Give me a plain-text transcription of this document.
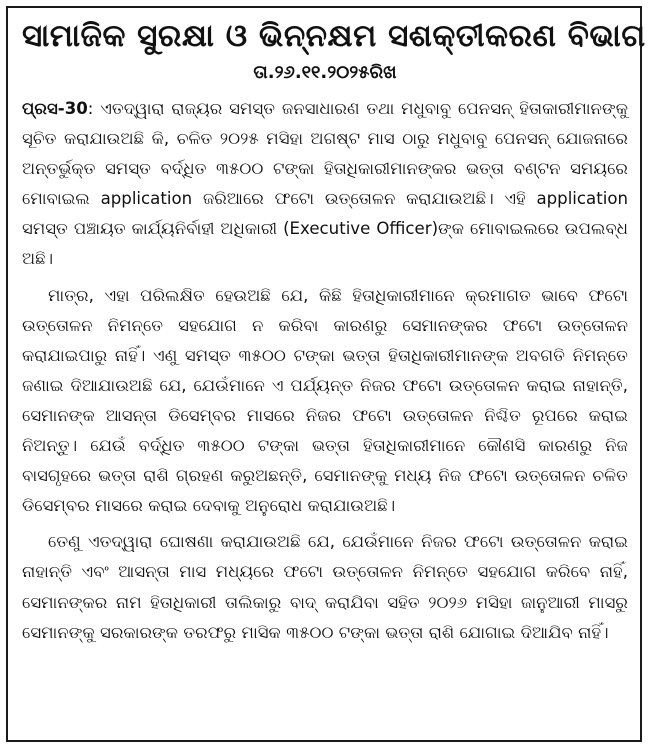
ସାମାଜିକ ସୁରକ୍ଷା ଓ ଭିନ୍ନକ୍ଷମ ସଶକ୍ତୀକରଣ ବିଭାଗ
ତା.୨୬.୧୧.୨୦୨୫ରିଖ

ପ୍ରସ-30: ଏତଦ୍ୱାରା ରାଜ୍ୟର ସମସ୍ତ ଜନସାଧାରଣ ତଥା ମଧୁବାବୁ ପେନସନ୍ ହିତାକାରୀମାନଙ୍କୁ ସୂଚିତ କରାଯାଉଅଛି କି, ଚଳିତ ୨୦୨୫ ମସିହା ଅଗଷ୍ଟ ମାସ ଠାରୁ ମଧୁବାବୁ ପେନସନ୍ ଯୋଜନାରେ ଅନ୍ତର୍ଭୁକ୍ତ ସମସ୍ତ ବର୍ଦ୍ଧିତ ୩୫୦୦ ଟଙ୍କା ହିତାଧିକାରୀମାନଙ୍କର ଭତ୍ତା ବଣ୍ଟନ ସମୟରେ ମୋବାଇଲ application ଜରିଆରେ ଫଟୋ ଉତ୍ତୋଳନ କରାଯାଉଅଛି। ଏହି application ସମସ୍ତ ପଞ୍ଚାୟତ କାର୍ଯ୍ୟନିର୍ବାହୀ ଅଧିକାରୀ (Executive Officer)ଙ୍କ ମୋବାଇଲରେ ଉପଲବ୍ଧ ଅଛି।

ମାତ୍ର, ଏହା ପରିଲକ୍ଷିତ ହେଉଅଛି ଯେ, କିଛି ହିତାଧିକାରୀମାନେ କ୍ରମାଗତ ଭାବେ ଫଟୋ ଉତ୍ତୋଳନ ନିମନ୍ତେ ସହଯୋଗ ନ କରିବା କାରଣରୁ ସେମାନଙ୍କର ଫଟୋ ଉତ୍ତୋଳନ କରାଯାଇପାରୁ ନାହିଁ। ଏଣୁ ସମସ୍ତ ୩୫୦୦ ଟଙ୍କା ଭତ୍ତା ହିତାଧିକାରୀମାନଙ୍କ ଅବଗତି ନିମନ୍ତେ ଜଣାଇ ଦିଆଯାଉଅଛି ଯେ, ଯେଉଁମାନେ ଏ ପର୍ଯ୍ୟନ୍ତ ନିଜର ଫଟୋ ଉତ୍ତୋଳନ କରାଇ ନାହାନ୍ତି, ସେମାନଙ୍କ ଆସନ୍ତା ଡିସେମ୍ବର ମାସରେ ନିଜର ଫଟୋ ଉତ୍ତୋଳନ ନିଶ୍ଚିତ ରୂପରେ କରାଇ ନିଅନ୍ତୁ। ଯେଉଁ ବର୍ଦ୍ଧିତ ୩୫୦୦ ଟଙ୍କା ଭତ୍ତା ହିତାଧିକାରୀମାନେ କୌଣସି କାରଣରୁ ନିଜ ବାସଗୃହରେ ଭତ୍ତା ରାଶି ଗ୍ରହଣ କରୁଅଛନ୍ତି, ସେମାନଙ୍କୁ ମଧ୍ୟ ନିଜ ଫଟୋ ଉତ୍ତୋଳନ ଚଳିତ ଡିସେମ୍ବର ମାସରେ କରାଇ ଦେବାକୁ ଅନୁରୋଧ କରାଯାଉଅଛି।

ତେଣୁ ଏତଦ୍ୱାରା ଘୋଷଣା କରାଯାଉଅଛି ଯେ, ଯେଉଁମାନେ ନିଜର ଫଟୋ ଉତ୍ତୋଳନ କରାଇ ନାହାନ୍ତି ଏବଂ ଆସନ୍ତା ମାସ ମଧ୍ୟରେ ଫଟୋ ଉତ୍ତୋଳନ ନିମନ୍ତେ ସହଯୋଗ କରିବେ ନାହିଁ, ସେମାନଙ୍କର ନାମ ହିତାଧିକାରୀ ତାଲିକାରୁ ବାଦ୍ କରାଯିବା ସହିତ ୨୦୨୬ ମସିହା ଜାନୁଆରୀ ମାସରୁ ସେମାନଙ୍କୁ ସରକାରଙ୍କ ତରଫରୁ ମାସିକ ୩୫୦୦ ଟଙ୍କା ଭତ୍ତା ରାଶି ଯୋଗାଇ ଦିଆଯିବ ନାହିଁ।
